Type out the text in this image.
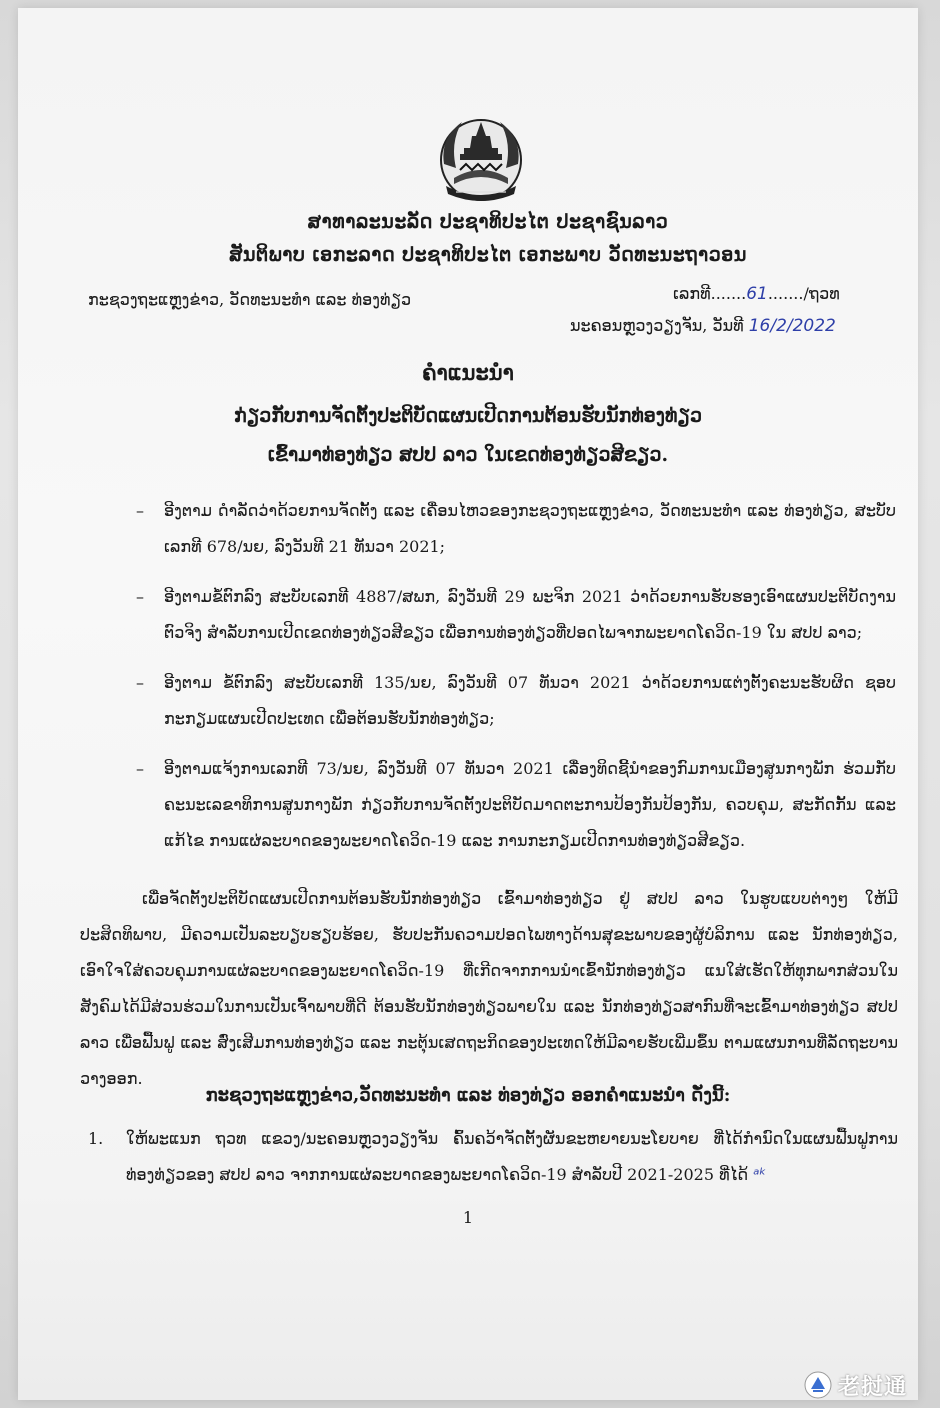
ສາທາລະນະລັດ ປະຊາທິປະໄຕ ປະຊາຊົນລາວ
ສັນຕິພາບ ເອກະລາດ ປະຊາທິປະໄຕ ເອກະພາບ ວັດທະນະຖາວອນ
ກະຊວງຖະແຫຼງຂ່າວ, ວັດທະນະທຳ ແລະ ທ່ອງທ່ຽວ	ເລກທີ.......61......./ຖວທ
ນະຄອນຫຼວງວຽງຈັນ, ວັນທີ 16/2/2022
ຄຳແນະນຳ
ກ່ຽວກັບການຈັດຕັ້ງປະຕິບັດແຜນເປີດການຕ້ອນຮັບນັກທ່ອງທ່ຽວ
ເຂົ້າມາທ່ອງທ່ຽວ ສປປ ລາວ ໃນເຂດທ່ອງທ່ຽວສີຂຽວ.
– ອີງຕາມ ດຳລັດວ່າດ້ວຍການຈັດຕັ້ງ ແລະ ເຄື່ອນໄຫວຂອງກະຊວງຖະແຫຼງຂ່າວ, ວັດທະນະທຳ ແລະ ທ່ອງທ່ຽວ, ສະບັບເລກທີ 678/ນຍ, ລົງວັນທີ 21 ທັນວາ 2021;
– ອີງຕາມຂໍ້ຕົກລົງ ສະບັບເລກທີ 4887/ສພກ, ລົງວັນທີ 29 ພະຈິກ 2021 ວ່າດ້ວຍການຮັບຮອງເອົາແຜນປະຕິບັດງານຕົວຈິງ ສຳລັບການເປີດເຂດທ່ອງທ່ຽວສີຂຽວ ເພື່ອການທ່ອງທ່ຽວທີ່ປອດໄພຈາກພະຍາດໂຄວິດ-19 ໃນ ສປປ ລາວ;
– ອີງຕາມ ຂໍ້ຕົກລົງ ສະບັບເລກທີ 135/ນຍ, ລົງວັນທີ 07 ທັນວາ 2021 ວ່າດ້ວຍການແຕ່ງຕັ້ງຄະນະຮັບຜິດ ຊອບກະກຽມແຜນເປີດປະເທດ ເພື່ອຕ້ອນຮັບນັກທ່ອງທ່ຽວ;
– ອີງຕາມແຈ້ງການເລກທີ 73/ນຍ, ລົງວັນທີ 07 ທັນວາ 2021 ເລື່ອງທິດຊີ້ນຳຂອງກົມການເມືອງສູນກາງພັກ ຮ່ວມກັບຄະນະເລຂາທິການສູນກາງພັກ ກ່ຽວກັບການຈັດຕັ້ງປະຕິບັດມາດຕະການປ້ອງກັນປ້ອງກັນ, ຄວບຄຸມ, ສະກັດກັ້ນ ແລະ ແກ້ໄຂ ການແຜ່ລະບາດຂອງພະຍາດໂຄວິດ-19 ແລະ ການກະກຽມເປີດການທ່ອງທ່ຽວສີຂຽວ.

ເພື່ອຈັດຕັ້ງປະຕິບັດແຜນເປີດການຕ້ອນຮັບນັກທ່ອງທ່ຽວ ເຂົ້າມາທ່ອງທ່ຽວ ຢູ່ ສປປ ລາວ ໃນຮູບແບບຕ່າງໆ ໃຫ້ມີປະສິດທິພາບ, ມີຄວາມເປັນລະບຽບຮຽບຮ້ອຍ, ຮັບປະກັນຄວາມປອດໄພທາງດ້ານສຸຂະພາບຂອງຜູ້ບໍລິການ ແລະ ນັກທ່ອງທ່ຽວ, ເອົາໃຈໃສ່ຄວບຄຸມການແຜ່ລະບາດຂອງພະຍາດໂຄວິດ-19 ທີ່ເກີດຈາກການນຳເຂົ້ານັກທ່ອງທ່ຽວ ແນໃສ່ເຮັດໃຫ້ທຸກພາກສ່ວນໃນສັງຄົມໄດ້ມີສ່ວນຮ່ວມໃນການເປັນເຈົ້າພາບທີ່ດີ ຕ້ອນຮັບນັກທ່ອງທ່ຽວພາຍໃນ ແລະ ນັກທ່ອງທ່ຽວສາກົນທີ່ຈະເຂົ້າມາທ່ອງທ່ຽວ ສປປ ລາວ ເພື່ອຟື້ນຟູ ແລະ ສົ່ງເສີມການທ່ອງທ່ຽວ ແລະ ກະຕຸ້ນເສດຖະກິດຂອງປະເທດໃຫ້ມີລາຍຮັບເພີ່ມຂຶ້ນ ຕາມແຜນການທີ່ລັດຖະບານວາງອອກ.

ກະຊວງຖະແຫຼງຂ່າວ,ວັດທະນະທຳ ແລະ ທ່ອງທ່ຽວ ອອກຄຳແນະນຳ ດັ່ງນີ້:
1.	ໃຫ້ພະແນກ ຖວທ ແຂວງ/ນະຄອນຫຼວງວຽງຈັນ ຄົ້ນຄວ້າຈັດຕັ້ງຜັນຂະຫຍາຍນະໂຍບາຍ ທີ່ໄດ້ກຳນົດໃນແຜນຟື້ນຟູການທ່ອງທ່ຽວຂອງ ສປປ ລາວ ຈາກການແຜ່ລະບາດຂອງພະຍາດໂຄວິດ-19 ສຳລັບປີ 2021-2025 ທີ່ໄດ້ ᵃᵏ
1
老挝通
